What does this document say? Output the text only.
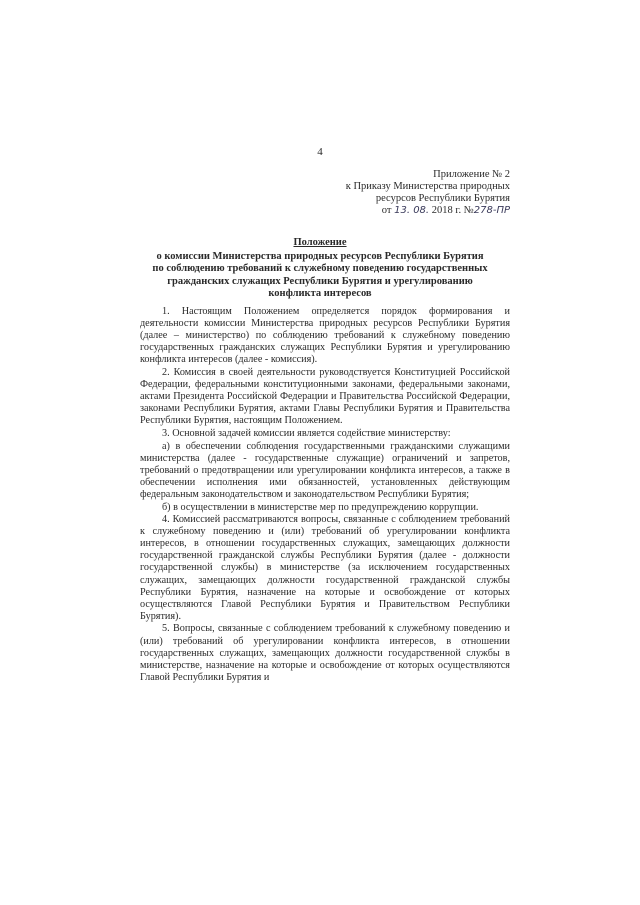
4
Приложение № 2
к Приказу Министерства природных
ресурсов Республики Бурятия
от 13. 08. 2018 г. №278-ПР
Положение
о комиссии Министерства природных ресурсов Республики Бурятия
по соблюдению требований к служебному поведению государственных
гражданских служащих Республики Бурятия и урегулированию
конфликта интересов

1. Настоящим Положением определяется порядок формирования и деятельности комиссии Министерства природных ресурсов Республики Бурятия (далее – министерство) по соблюдению требований к служебному поведению государственных гражданских служащих Республики Бурятия и урегулированию конфликта интересов (далее - комиссия).

2. Комиссия в своей деятельности руководствуется Конституцией Российской Федерации, федеральными конституционными законами, федеральными законами, актами Президента Российской Федерации и Правительства Российской Федерации, законами Республики Бурятия, актами Главы Республики Бурятия и Правительства Республики Бурятия, настоящим Положением.

3. Основной задачей комиссии является содействие министерству:

а) в обеспечении соблюдения государственными гражданскими служащими министерства (далее - государственные служащие) ограничений и запретов, требований о предотвращении или урегулировании конфликта интересов, а также в обеспечении исполнения ими обязанностей, установленных действующим федеральным законодательством и законодательством Республики Бурятия;

б) в осуществлении в министерстве мер по предупреждению коррупции.

4. Комиссией рассматриваются вопросы, связанные с соблюдением требований к служебному поведению и (или) требований об урегулировании конфликта интересов, в отношении государственных служащих, замещающих должности государственной гражданской службы Республики Бурятия (далее - должности государственной службы) в министерстве (за исключением государственных служащих, замещающих должности государственной гражданской службы Республики Бурятия, назначение на которые и освобождение от которых осуществляются Главой Республики Бурятия и Правительством Республики Бурятия).

5. Вопросы, связанные с соблюдением требований к служебному поведению и (или) требований об урегулировании конфликта интересов, в отношении государственных служащих, замещающих должности государственной службы в министерстве, назначение на которые и освобождение от которых осуществляются Главой Республики Бурятия и
